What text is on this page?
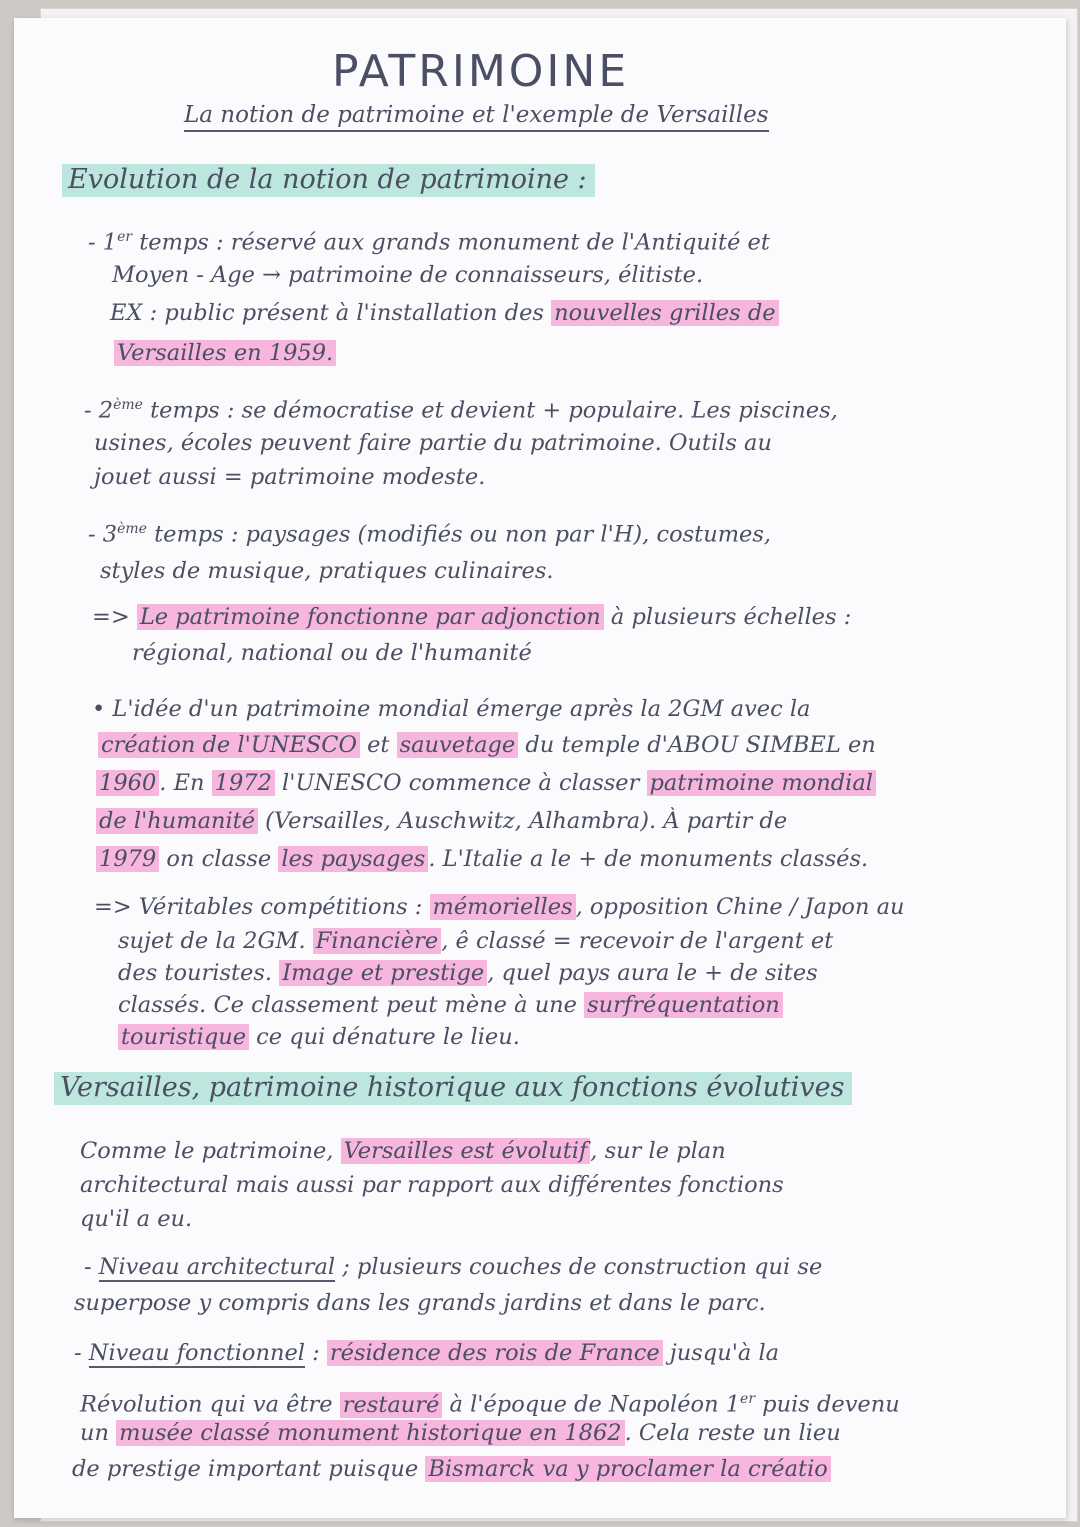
PATRIMOINE
La notion de patrimoine et l'exemple de Versailles
Evolution de la notion de patrimoine :
- 1er temps : réservé aux grands monument de l'Antiquité et
Moyen - Age → patrimoine de connaisseurs, élitiste.
EX : public présent à l'installation des nouvelles grilles de
Versailles en 1959.
- 2ème temps : se démocratise et devient + populaire. Les piscines,
usines, écoles peuvent faire partie du patrimoine. Outils au
jouet aussi = patrimoine modeste.
- 3ème temps : paysages (modifiés ou non par l'H), costumes,
styles de musique, pratiques culinaires.
=> Le patrimoine fonctionne par adjonction à plusieurs échelles :
régional, national ou de l'humanité
• L'idée d'un patrimoine mondial émerge après la 2GM avec la
création de l'UNESCO et sauvetage du temple d'ABOU SIMBEL en
1960 . En 1972 l'UNESCO commence à classer patrimoine mondial
de l'humanité (Versailles, Auschwitz, Alhambra). À partir de
1979 on classe les paysages . L'Italie a le + de monuments classés.
=> Véritables compétitions : mémorielles , opposition Chine / Japon au
sujet de la 2GM. Financière , ê classé = recevoir de l'argent et
des touristes. Image et prestige , quel pays aura le + de sites
classés. Ce classement peut mène à une surfréquentation
touristique ce qui dénature le lieu.
Versailles, patrimoine historique aux fonctions évolutives
Comme le patrimoine, Versailles est évolutif , sur le plan
architectural mais aussi par rapport aux différentes fonctions
qu'il a eu.
- Niveau architectural ; plusieurs couches de construction qui se
superpose y compris dans les grands jardins et dans le parc.
- Niveau fonctionnel : résidence des rois de France jusqu'à la
Révolution qui va être restauré à l'époque de Napoléon 1er puis devenu
un musée classé monument historique en 1862 . Cela reste un lieu
de prestige important puisque Bismarck va y proclamer la créatio
